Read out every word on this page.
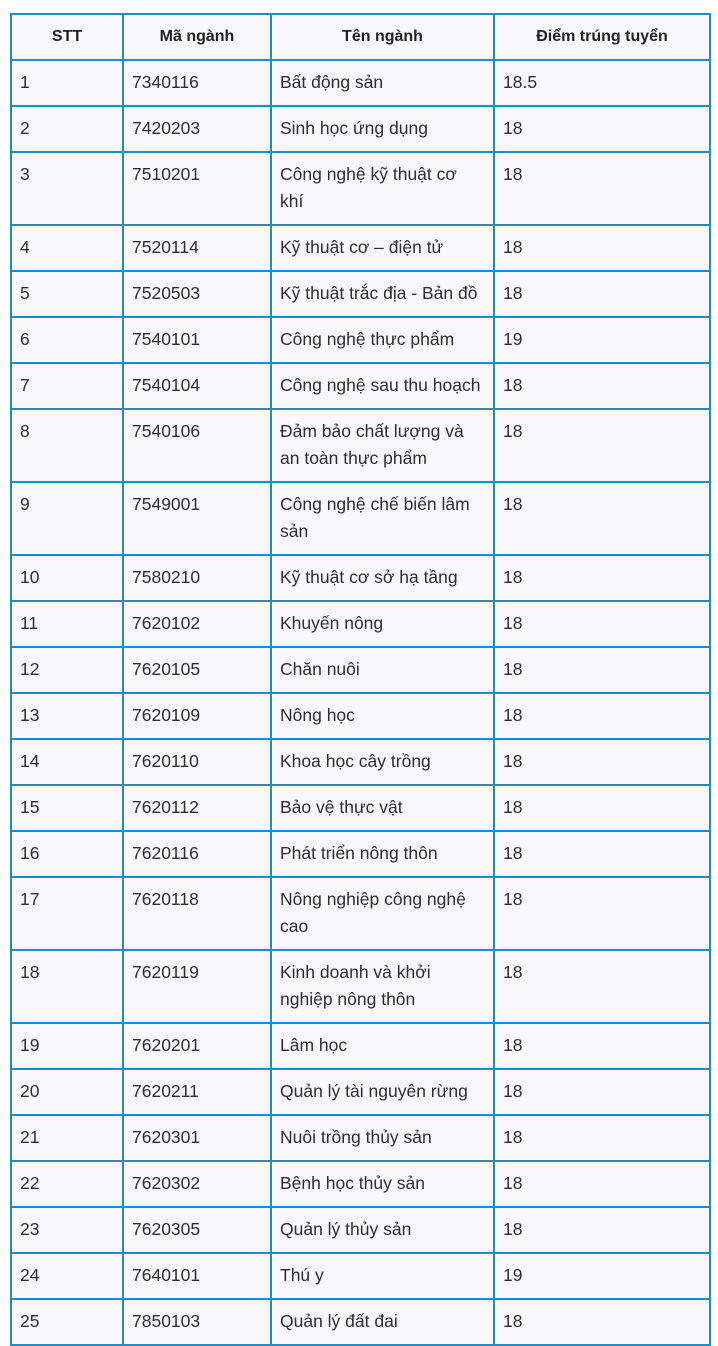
STT	Mã ngành	Tên ngành	Điểm trúng tuyển
1	7340116	Bất động sản	18.5
2	7420203	Sinh học ứng dụng	18
3	7510201	Công nghệ kỹ thuật cơ khí	18
4	7520114	Kỹ thuật cơ – điện tử	18
5	7520503	Kỹ thuật trắc địa - Bản đồ	18
6	7540101	Công nghệ thực phẩm	19
7	7540104	Công nghệ sau thu hoạch	18
8	7540106	Đảm bảo chất lượng và an toàn thực phẩm	18
9	7549001	Công nghệ chế biến lâm sản	18
10	7580210	Kỹ thuật cơ sở hạ tầng	18
11	7620102	Khuyến nông	18
12	7620105	Chăn nuôi	18
13	7620109	Nông học	18
14	7620110	Khoa học cây trồng	18
15	7620112	Bảo vệ thực vật	18
16	7620116	Phát triển nông thôn	18
17	7620118	Nông nghiệp công nghệ cao	18
18	7620119	Kinh doanh và khởi nghiệp nông thôn	18
19	7620201	Lâm học	18
20	7620211	Quản lý tài nguyên rừng	18
21	7620301	Nuôi trồng thủy sản	18
22	7620302	Bệnh học thủy sản	18
23	7620305	Quản lý thủy sản	18
24	7640101	Thú y	19
25	7850103	Quản lý đất đai	18
